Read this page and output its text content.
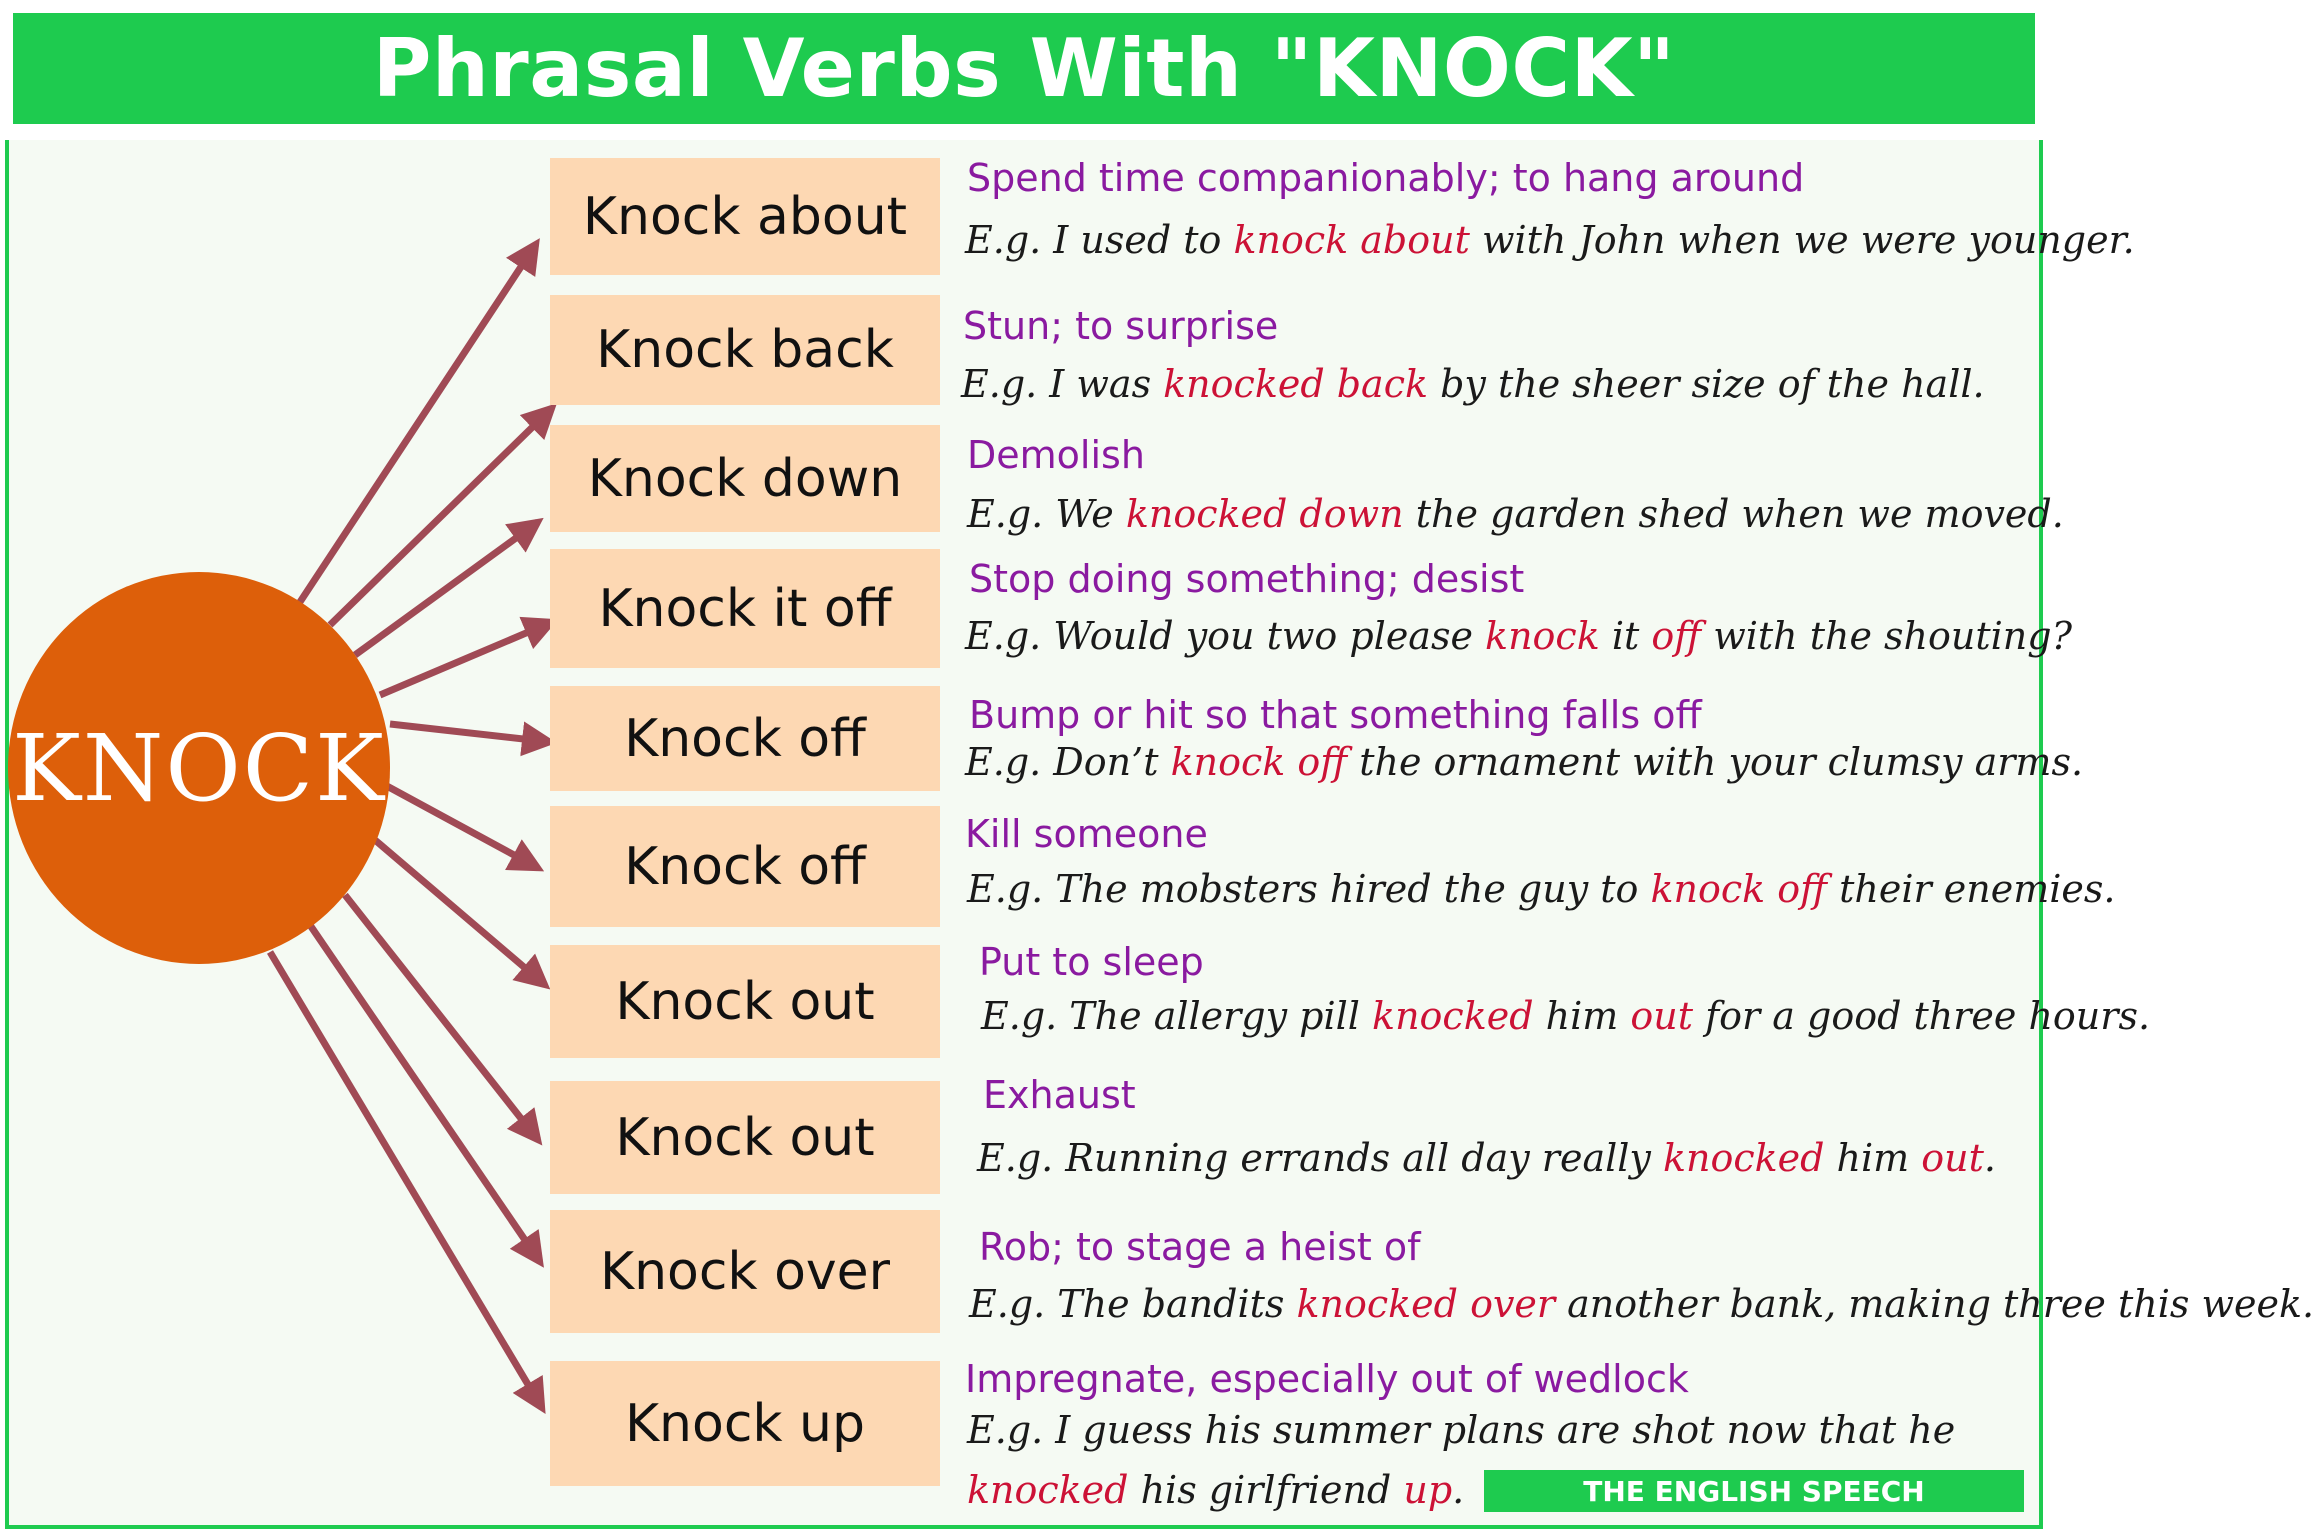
Phrasal Verbs With "KNOCK"
KNOCK
Knock about
Knock back
Knock down
Knock it off
Knock off
Knock off
Knock out
Knock out
Knock over
Knock up
Spend time companionably; to hang around
Stun; to surprise
Demolish
Stop doing something; desist
Bump or hit so that something falls off
Kill someone
Put to sleep
Exhaust
Rob; to stage a heist of
Impregnate, especially out of wedlock
E.g. I used to knock about with John when we were younger.
E.g. I was knocked back by the sheer size of the hall.
E.g. We knocked down the garden shed when we moved.
E.g. Would you two please knock it off with the shouting?
E.g. Don’t knock off the ornament with your clumsy arms.
E.g. The mobsters hired the guy to knock off their enemies.
E.g. The allergy pill knocked him out for a good three hours.
E.g. Running errands all day really knocked him out.
E.g. The bandits knocked over another bank, making three this week.
E.g. I guess his summer plans are shot now that he knocked his girlfriend up.	THE ENGLISH SPEECH
